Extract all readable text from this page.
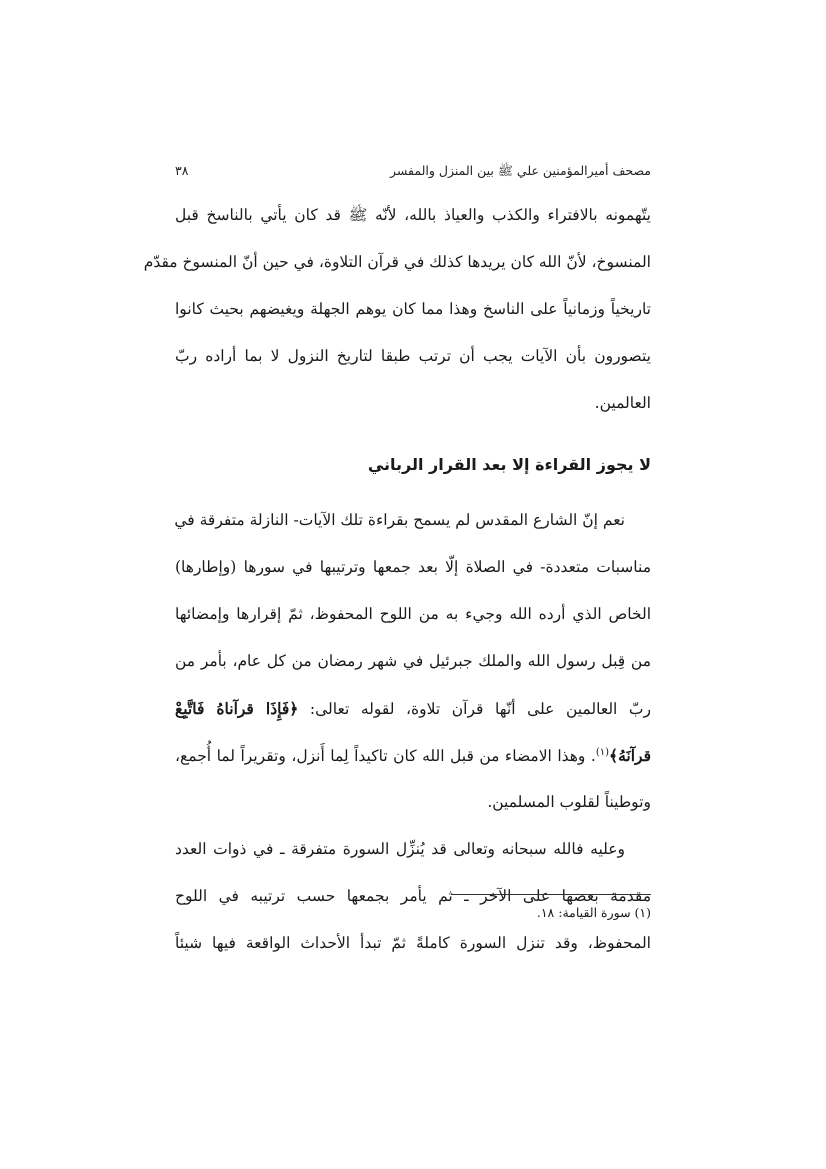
مصحف أميرالمؤمنين علي ﷺ بين المنزل والمفسر
٣٨
يتّهمونه بالافتراء والكذب والعياذ بالله، لأنّه ﷺ قد كان يأتي بالناسخ قبل
المنسوخ، لأنّ الله كان يريدها كذلك في قرآن التلاوة، في حين أنّ المنسوخ مقدّم
تاريخياً وزمانياً على الناسخ وهذا مما كان يوهم الجهلة ويغيضهم بحيث كانوا
يتصورون بأن الآيات يجب أن ترتب طبقا لتاريخ النزول لا بما أراده ربّ
العالمين.
لا يجوز القراءة إلا بعد القرار الرباني
نعم إنّ الشارع المقدس لم يسمح بقراءة تلك الآيات- النازلة متفرقة في
مناسبات متعددة- في الصلاة إلّا بعد جمعها وترتيبها في سورها (وإطارها)
الخاص الذي أرده الله وجيء به من اللوح المحفوظ، ثمّ إقرارها وإمضائها
من قِبل رسول الله والملك جبرئيل في شهر رمضان من كل عام، بأمر من
ربّ العالمين على أنّها قرآن تلاوة، لقوله تعالى: ﴿فَإِذَا قرآناهُ فَاتَّبِعْ
قرآنَهُ﴾$^{(١)}$. وهذا الامضاء من قبل الله كان تاكيداً لِما أَنزل، وتقريراً لما أُجمع،
وتوطيناً لقلوب المسلمين.
وعليه فالله سبحانه وتعالى قد يُنزِّل السورة متفرقة ـ في ذوات العدد
مقدمة بعضها على الآخر ـ ثم يأمر بجمعها حسب ترتيبه في اللوح
المحفوظ، وقد تنزل السورة كاملةً ثمّ تبدأ الأحداث الواقعة فيها شيئاً
(١) سورة القيامة: ١٨.
